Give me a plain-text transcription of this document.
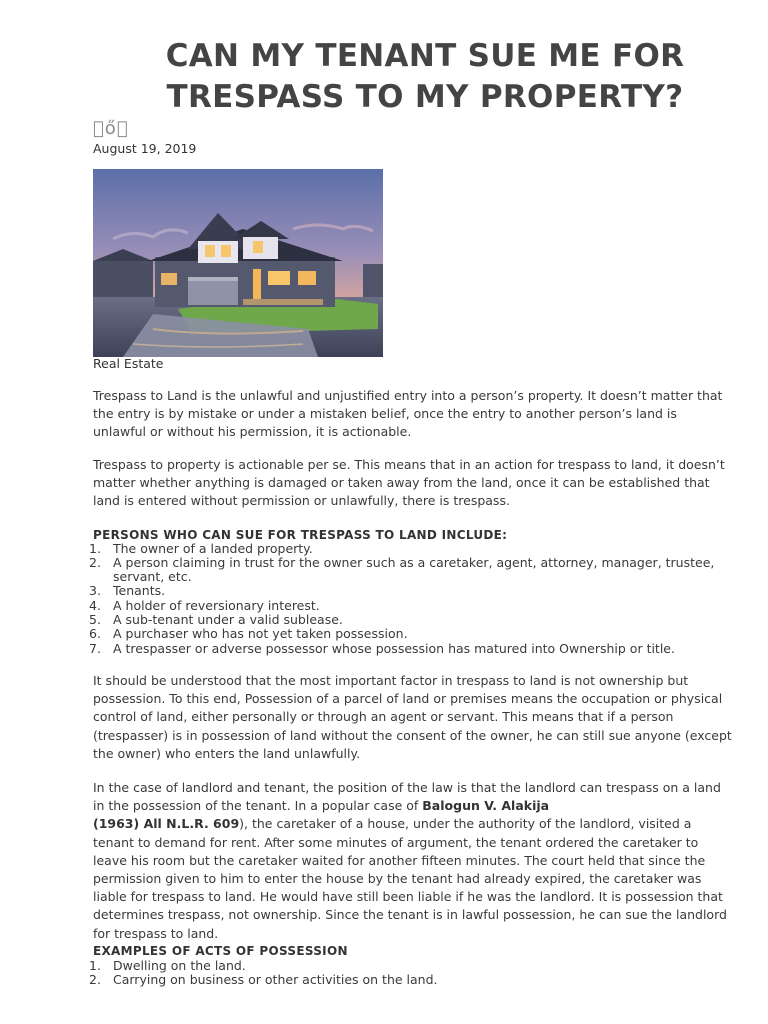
CAN MY TENANT SUE ME FOR TRESPASS TO MY PROPERTY?
󳭓ő󳭔
August 19, 2019
Real Estate

Trespass to Land is the unlawful and unjustified entry into a person’s property. It doesn’t matter that the entry is by mistake or under a mistaken belief, once the entry to another person’s land is unlawful or without his permission, it is actionable.

Trespass to property is actionable per se. This means that in an action for trespass to land, it doesn’t matter whether anything is damaged or taken away from the land, once it can be established that land is entered without permission or unlawfully, there is trespass.

PERSONS WHO CAN SUE FOR TRESPASS TO LAND INCLUDE:
1. The owner of a landed property.
2. A person claiming in trust for the owner such as a caretaker, agent, attorney, manager, trustee, servant, etc.
3. Tenants.
4. A holder of reversionary interest.
5. A sub-tenant under a valid sublease.
6. A purchaser who has not yet taken possession.
7. A trespasser or adverse possessor whose possession has matured into Ownership or title.

It should be understood that the most important factor in trespass to land is not ownership but possession. To this end, Possession of a parcel of land or premises means the occupation or physical control of land, either personally or through an agent or servant. This means that if a person (trespasser) is in possession of land without the consent of the owner, he can still sue anyone (except the owner) who enters the land unlawfully.

In the case of landlord and tenant, the position of the law is that the landlord can trespass on a land in the possession of the tenant. In a popular case of Balogun V. Alakija
(1963) All N.L.R. 609), the caretaker of a house, under the authority of the landlord, visited a tenant to demand for rent. After some minutes of argument, the tenant ordered the caretaker to leave his room but the caretaker waited for another fifteen minutes. The court held that since the permission given to him to enter the house by the tenant had already expired, the caretaker was liable for trespass to land. He would have still been liable if he was the landlord. It is possession that determines trespass, not ownership. Since the tenant is in lawful possession, he can sue the landlord for trespass to land.

EXAMPLES OF ACTS OF POSSESSION
1. Dwelling on the land.
2. Carrying on business or other activities on the land.
